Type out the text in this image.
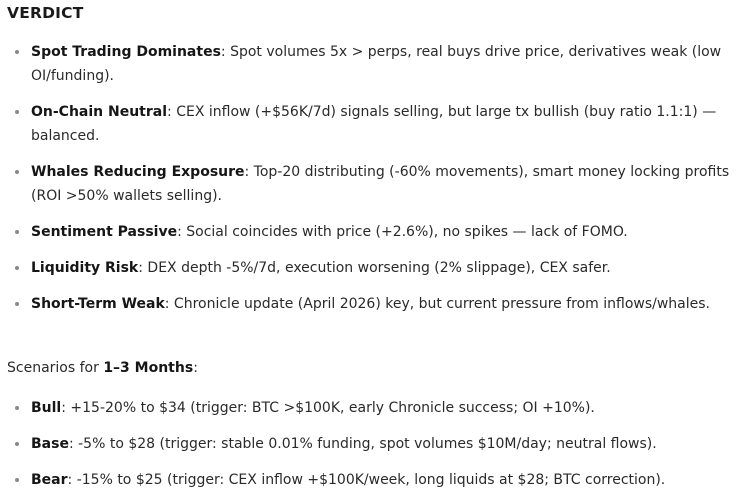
VERDICT
Spot Trading Dominates: Spot volumes 5x > perps, real buys drive price, derivatives weak (low OI/funding).
On-Chain Neutral: CEX inflow (+$56K/7d) signals selling, but large tx bullish (buy ratio 1.1:1) — balanced.
Whales Reducing Exposure: Top-20 distributing (-60% movements), smart money locking profits (ROI >50% wallets selling).
Sentiment Passive: Social coincides with price (+2.6%), no spikes — lack of FOMO.
Liquidity Risk: DEX depth -5%/7d, execution worsening (2% slippage), CEX safer.
Short-Term Weak: Chronicle update (April 2026) key, but current pressure from inflows/whales.
Scenarios for 1–3 Months:
Bull: +15-20% to $34 (trigger: BTC >$100K, early Chronicle success; OI +10%).
Base: -5% to $28 (trigger: stable 0.01% funding, spot volumes $10M/day; neutral flows).
Bear: -15% to $25 (trigger: CEX inflow +$100K/week, long liquids at $28; BTC correction).
